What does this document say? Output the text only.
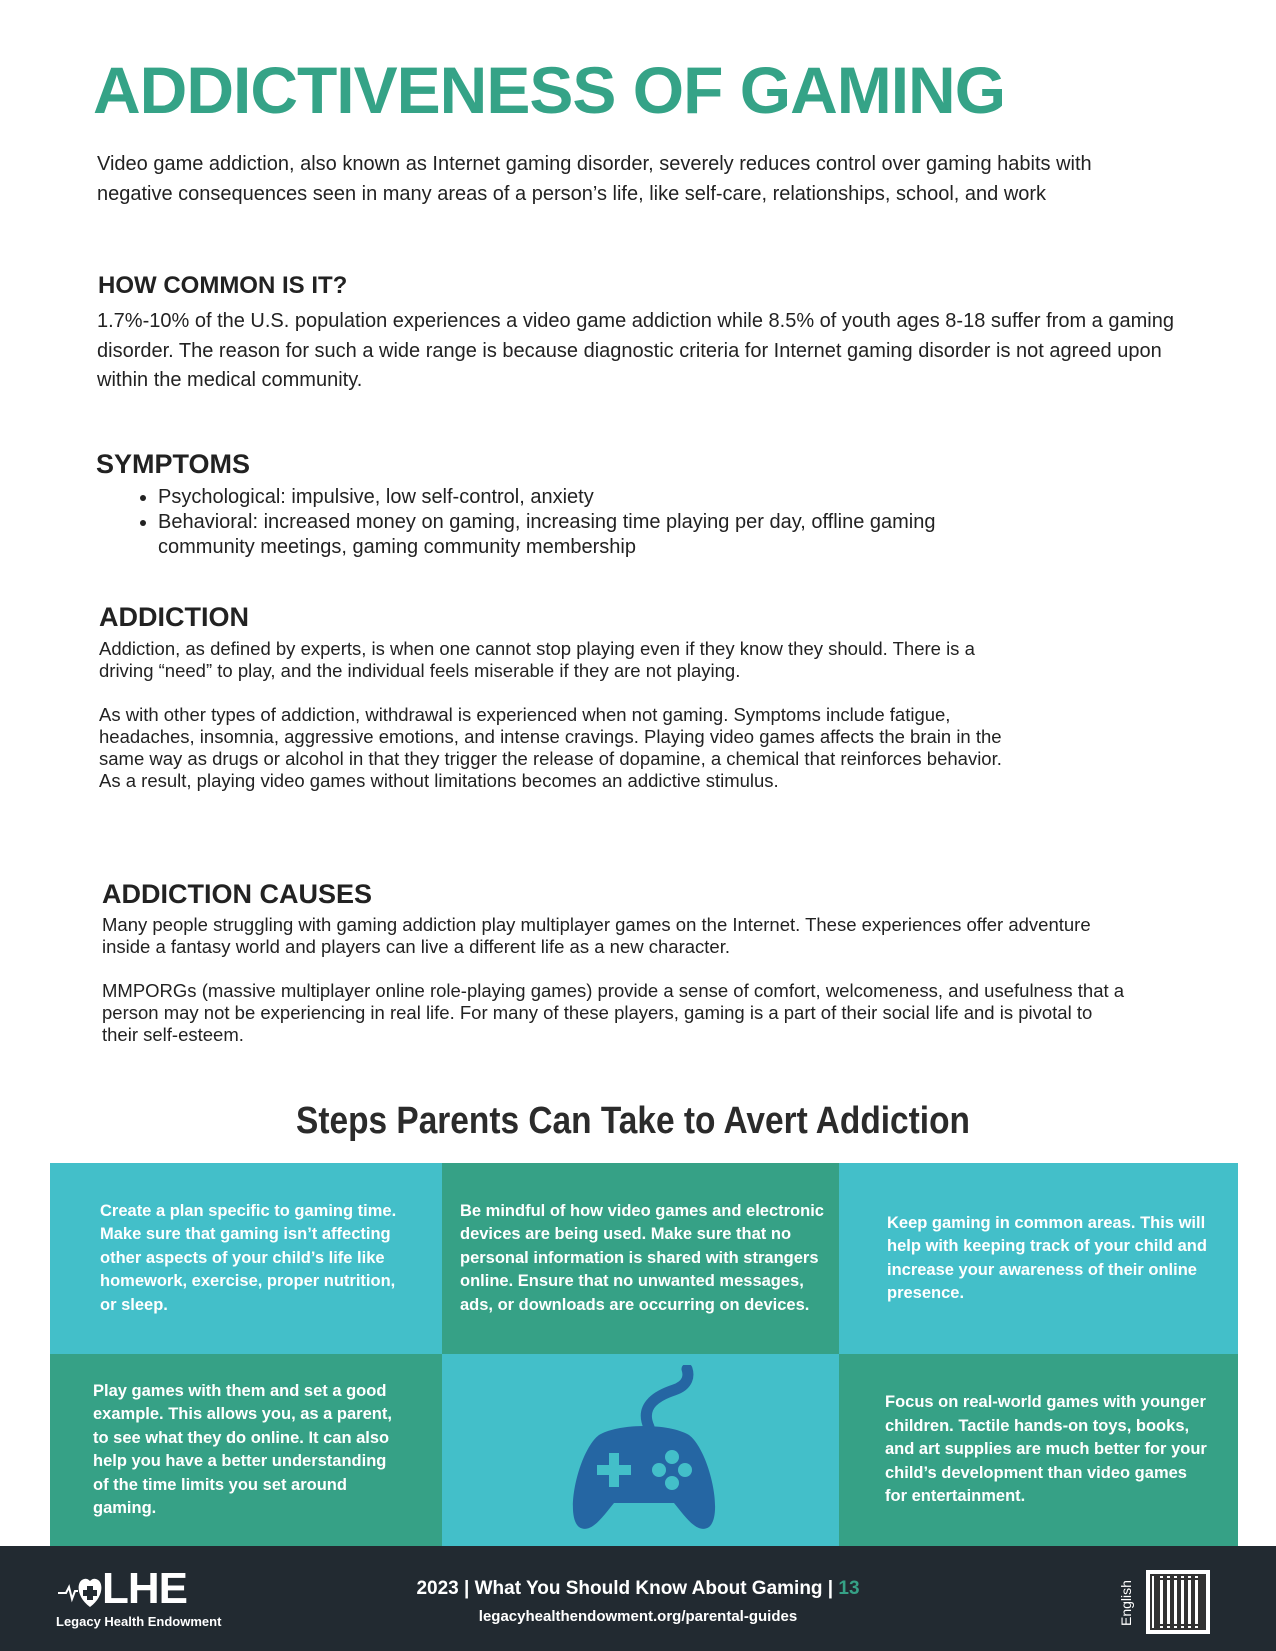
ADDICTIVENESS OF GAMING

Video game addiction, also known as Internet gaming disorder, severely reduces control over gaming habits with negative consequences seen in many areas of a person’s life, like self-care, relationships, school, and work

HOW COMMON IS IT?

1.7%-10% of the U.S. population experiences a video game addiction while 8.5% of youth ages 8-18 suffer from a gaming disorder. The reason for such a wide range is because diagnostic criteria for Internet gaming disorder is not agreed upon within the medical community.

SYMPTOMS
• Psychological: impulsive, low self-control, anxiety
• Behavioral: increased money on gaming, increasing time playing per day, offline gaming community meetings, gaming community membership
ADDICTION

Addiction, as defined by experts, is when one cannot stop playing even if they know they should. There is a driving “need” to play, and the individual feels miserable if they are not playing.

As with other types of addiction, withdrawal is experienced when not gaming. Symptoms include fatigue, headaches, insomnia, aggressive emotions, and intense cravings. Playing video games affects the brain in the same way as drugs or alcohol in that they trigger the release of dopamine, a chemical that reinforces behavior. As a result, playing video games without limitations becomes an addictive stimulus.

ADDICTION CAUSES

Many people struggling with gaming addiction play multiplayer games on the Internet. These experiences offer adventure inside a fantasy world and players can live a different life as a new character.

MMPORGs (massive multiplayer online role-playing games) provide a sense of comfort, welcomeness, and usefulness that a person may not be experiencing in real life. For many of these players, gaming is a part of their social life and is pivotal to their self-esteem.

Steps Parents Can Take to Avert Addiction
Create a plan specific to gaming time. Make sure that gaming isn’t affecting other aspects of your child’s life like homework, exercise, proper nutrition, or sleep.
Be mindful of how video games and electronic devices are being used. Make sure that no personal information is shared with strangers online. Ensure that no unwanted messages, ads, or downloads are occurring on devices.
Keep gaming in common areas. This will help with keeping track of your child and increase your awareness of their online presence.
Play games with them and set a good example. This allows you, as a parent, to see what they do online. It can also help you have a better understanding of the time limits you set around gaming.
Focus on real-world games with younger children. Tactile hands-on toys, books, and art supplies are much better for your child’s development than video games for entertainment.
LHE
Legacy Health Endowment
2023 | What You Should Know About Gaming | 13
legacyhealthendowment.org/parental-guides	English
